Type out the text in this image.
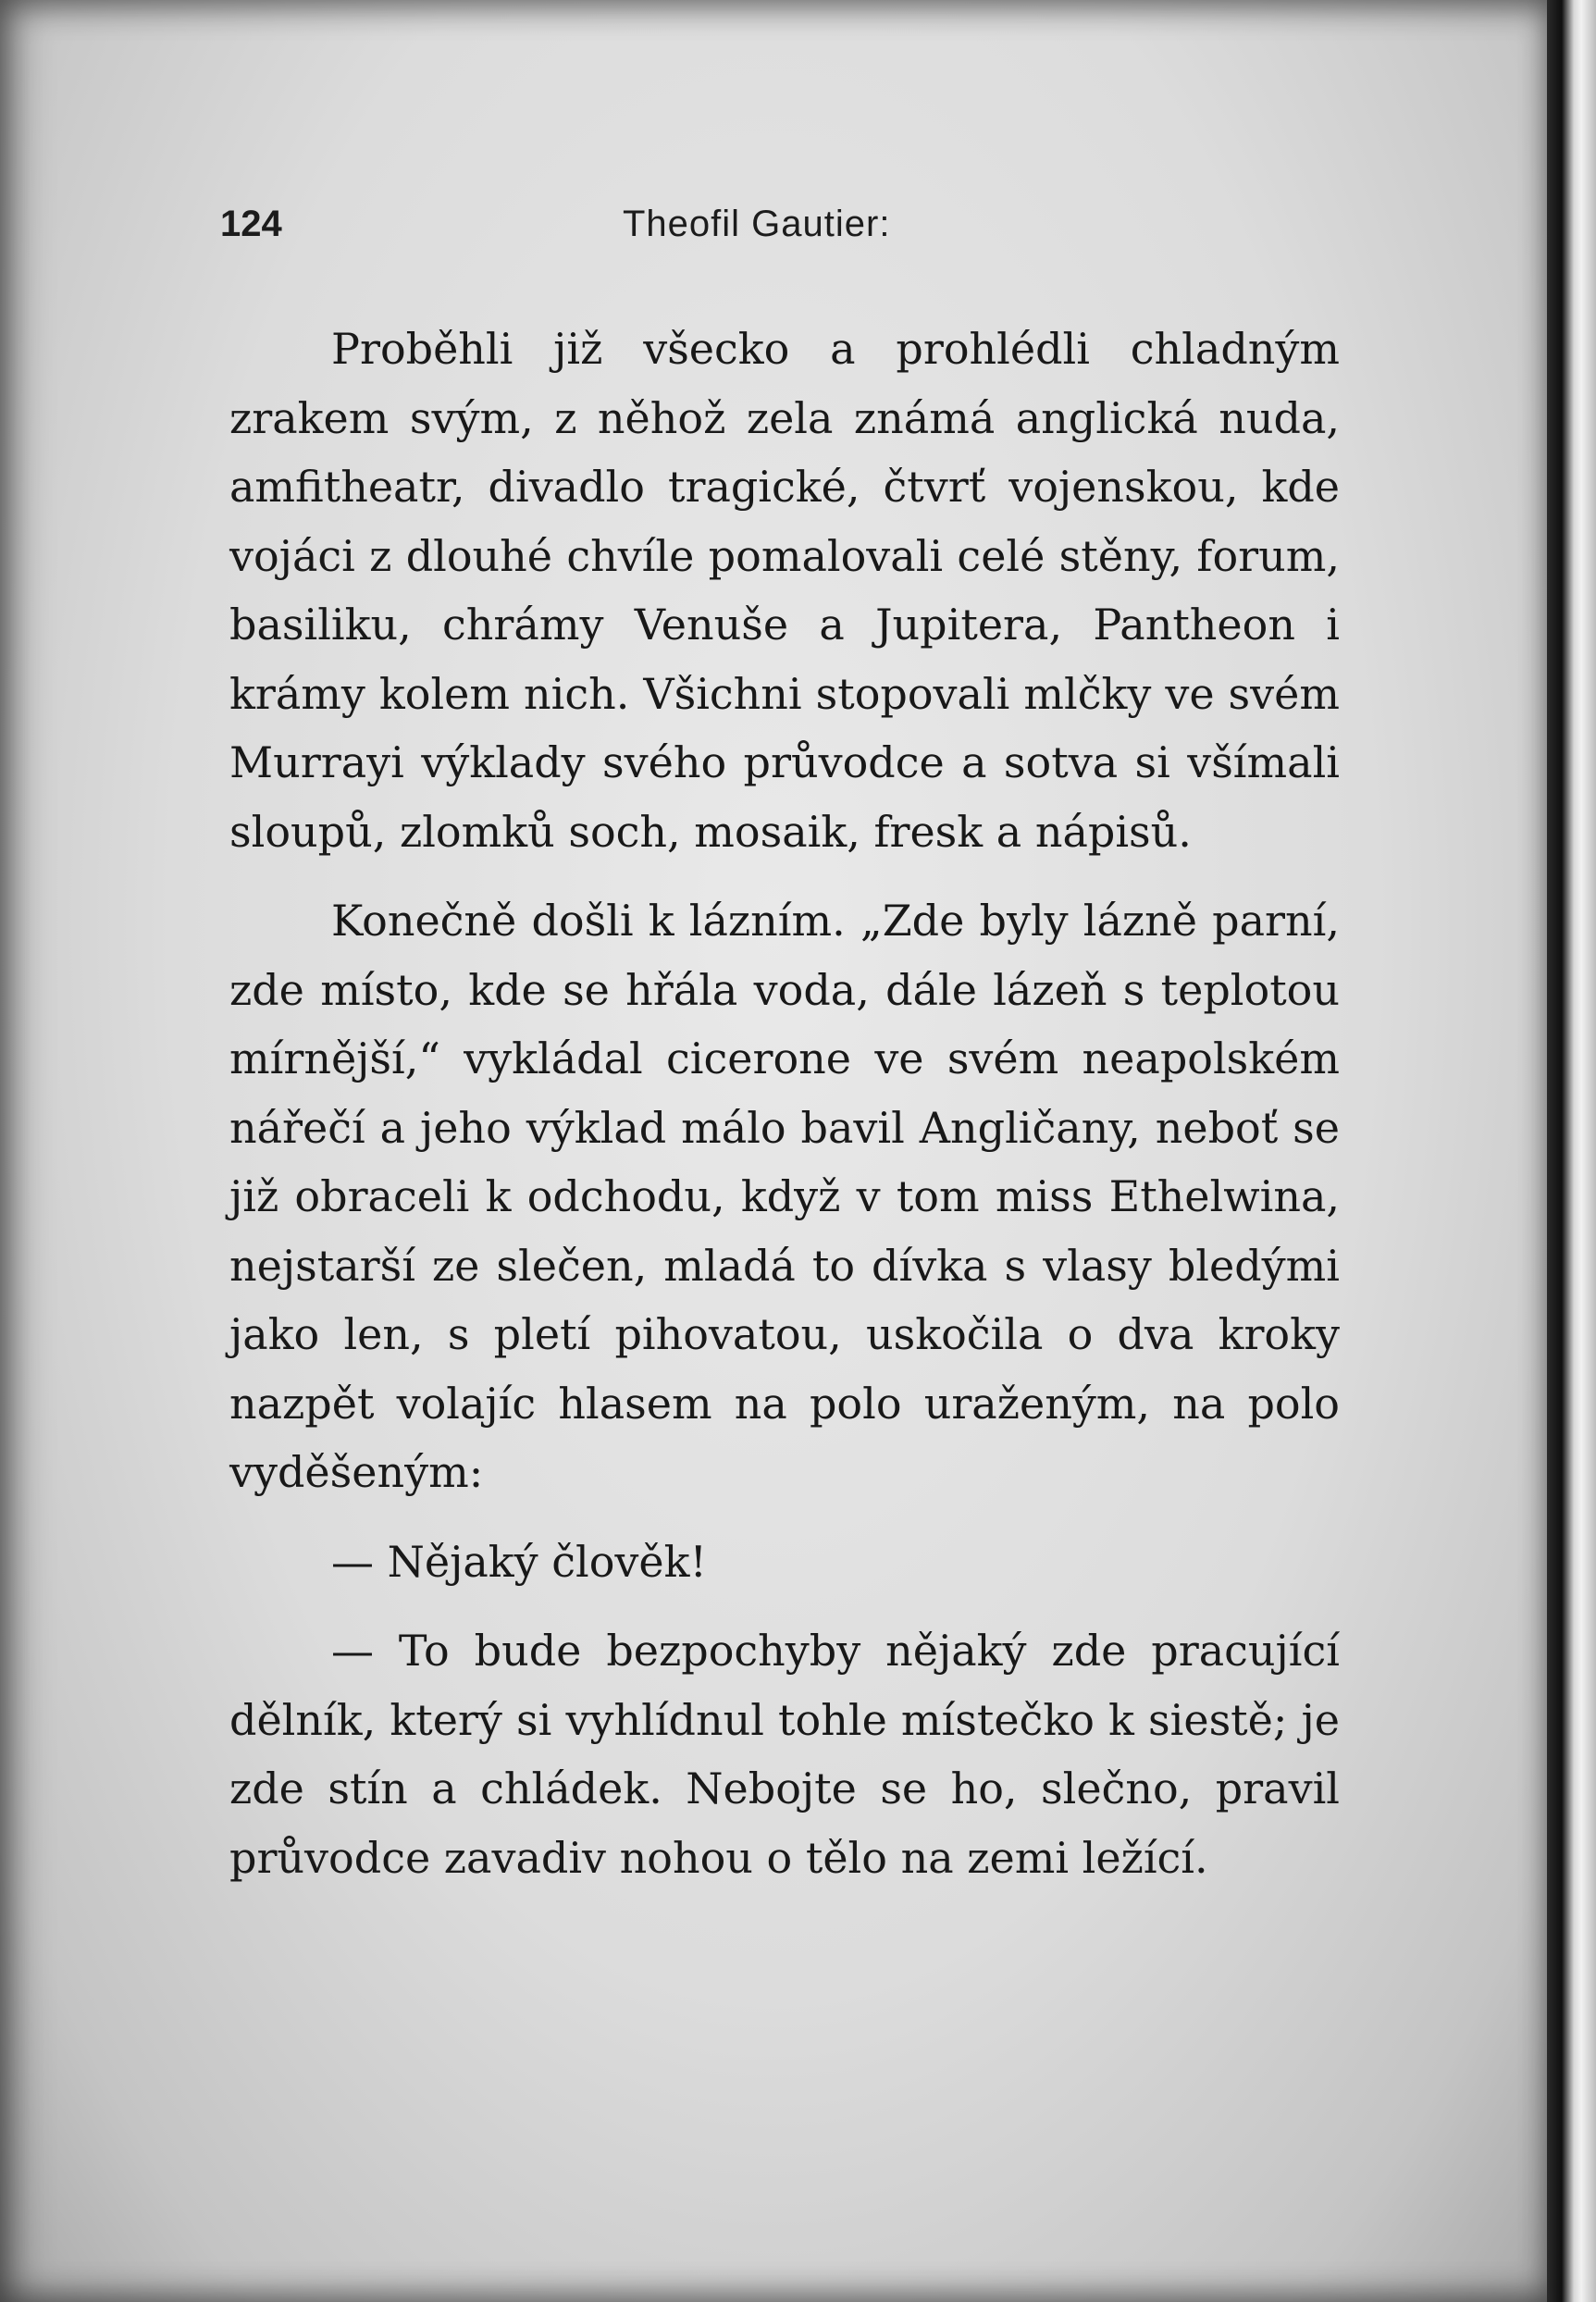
124	Theofil Gautier:

Proběhli již všecko a prohlédli chladným zrakem svým, z něhož zela známá anglická nuda, amfitheatr, divadlo tragické, čtvrť vojenskou, kde vojáci z dlouhé chvíle pomalovali celé stěny, forum, basiliku, chrámy Venuše a Jupitera, Pantheon i krámy kolem nich. Všichni stopovali mlčky ve svém Murrayi výklady svého průvodce a sotva si všímali sloupů, zlomků soch, mosaik, fresk a nápisů.

Konečně došli k lázním. „Zde byly lázně parní, zde místo, kde se hřála voda, dále lázeň s teplotou mírnější,“ vykládal cicerone ve svém neapolském nářečí a jeho výklad málo bavil Angličany, neboť se již obraceli k odchodu, když v tom miss Ethelwina, nejstarší ze slečen, mladá to dívka s vlasy bledými jako len, s pletí pihovatou, uskočila o dva kroky nazpět volajíc hlasem na polo uraženým, na polo vyděšeným:

— Nějaký člověk!

— To bude bezpochyby nějaký zde pracující dělník, který si vyhlídnul tohle místečko k siestě; je zde stín a chládek. Nebojte se ho, slečno, pravil průvodce zavadiv nohou o tělo na zemi ležící.
